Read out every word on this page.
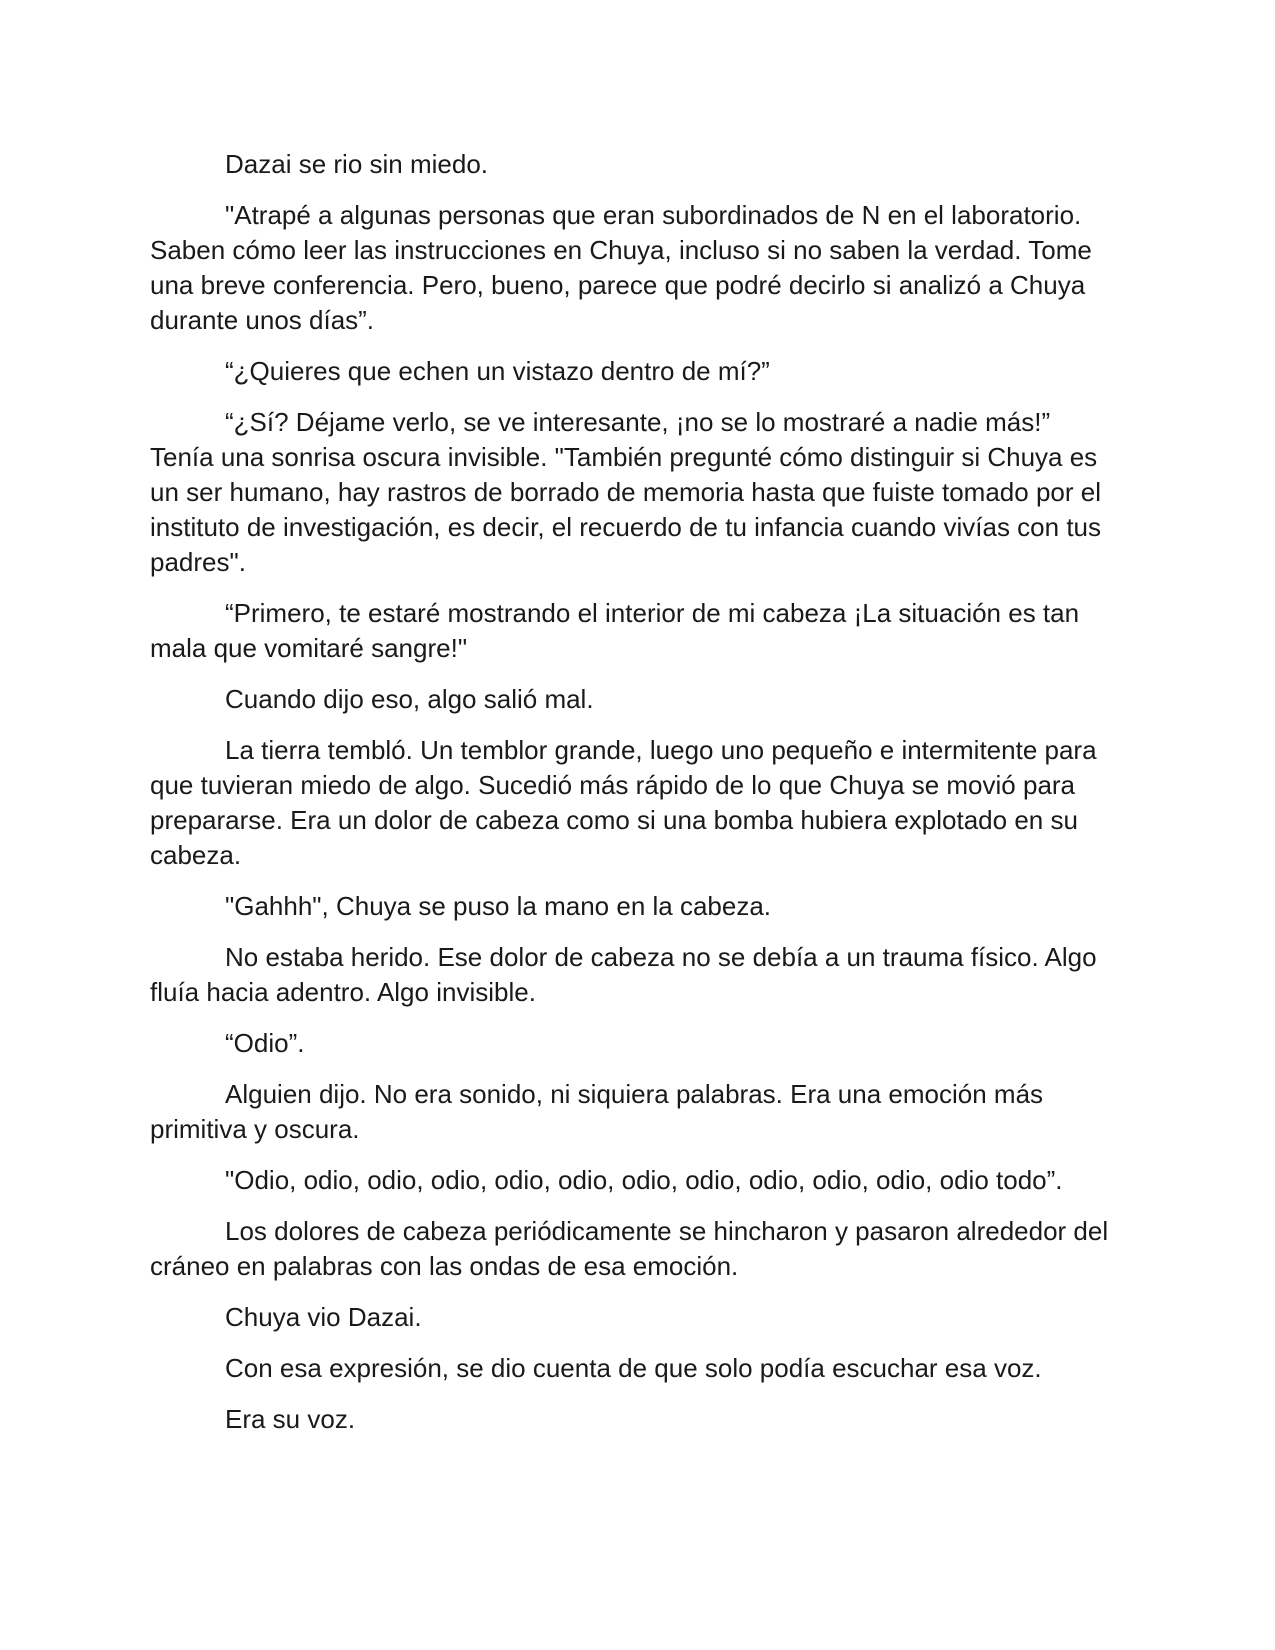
Dazai se rio sin miedo.

"Atrapé a algunas personas que eran subordinados de N en el laboratorio. Saben cómo leer las instrucciones en Chuya, incluso si no saben la verdad. Tome una breve conferencia. Pero, bueno, parece que podré decirlo si analizó a Chuya durante unos días”.

“¿Quieres que echen un vistazo dentro de mí?”

“¿Sí? Déjame verlo, se ve interesante, ¡no se lo mostraré a nadie más!” Tenía una sonrisa oscura invisible. "También pregunté cómo distinguir si Chuya es un ser humano, hay rastros de borrado de memoria hasta que fuiste tomado por el instituto de investigación, es decir, el recuerdo de tu infancia cuando vivías con tus padres".

“Primero, te estaré mostrando el interior de mi cabeza ¡La situación es tan mala que vomitaré sangre!"

Cuando dijo eso, algo salió mal.

La tierra tembló. Un temblor grande, luego uno pequeño e intermitente para que tuvieran miedo de algo. Sucedió más rápido de lo que Chuya se movió para prepararse. Era un dolor de cabeza como si una bomba hubiera explotado en su cabeza.

"Gahhh", Chuya se puso la mano en la cabeza.

No estaba herido. Ese dolor de cabeza no se debía a un trauma físico. Algo fluía hacia adentro. Algo invisible.

“Odio”.

Alguien dijo. No era sonido, ni siquiera palabras. Era una emoción más primitiva y oscura.

"Odio, odio, odio, odio, odio, odio, odio, odio, odio, odio, odio, odio todo”.

Los dolores de cabeza periódicamente se hincharon y pasaron alrededor del cráneo en palabras con las ondas de esa emoción.

Chuya vio Dazai.

Con esa expresión, se dio cuenta de que solo podía escuchar esa voz.

Era su voz.
